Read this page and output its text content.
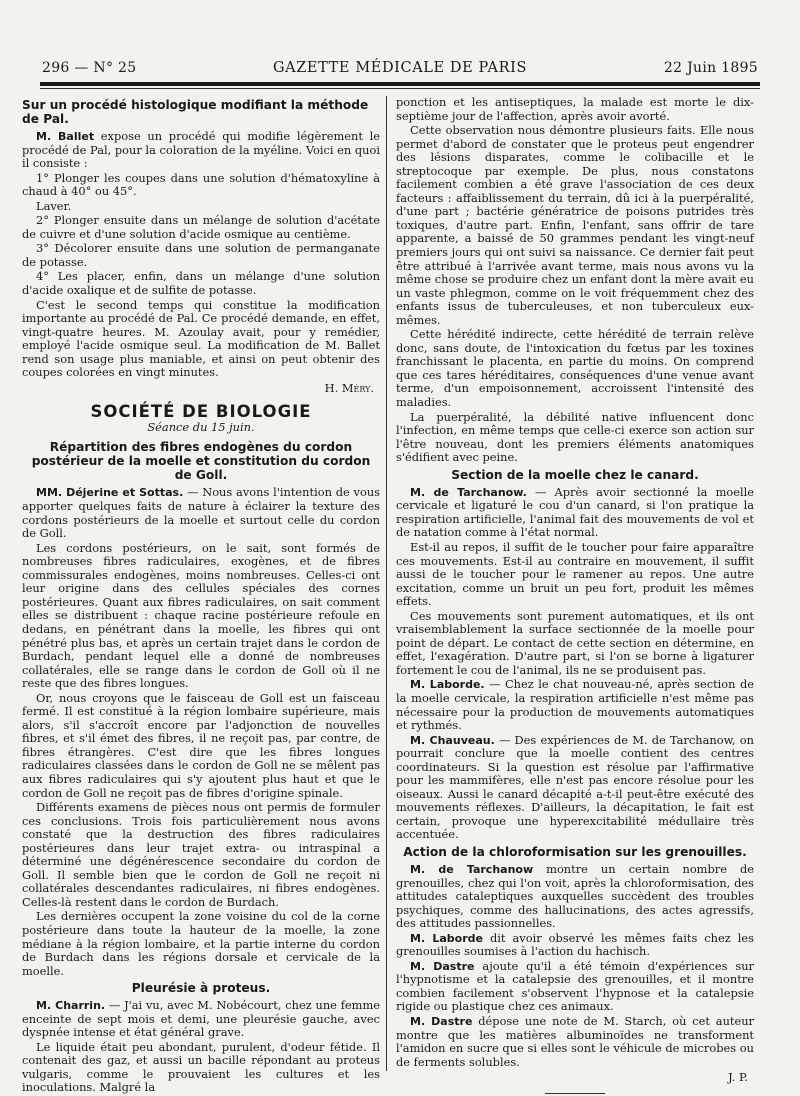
296 — N° 25	GAZETTE MÉDICALE DE PARIS	22 Juin 1895
Sur un procédé histologique modifiant la méthode de Pal.

M. Ballet expose un procédé qui modifie légèrement le procédé de Pal, pour la coloration de la myéline. Voici en quoi il consiste :

1° Plonger les coupes dans une solution d'hématoxyline à chaud à 40° ou 45°.

Laver.

2° Plonger ensuite dans un mélange de solution d'acétate de cuivre et d'une solution d'acide osmique au centième.

3° Décolorer ensuite dans une solution de permanganate de potasse.

4° Les placer, enfin, dans un mélange d'une solution d'acide oxalique et de sulfite de potasse.

C'est le second temps qui constitue la modification importante au procédé de Pal. Ce procédé demande, en effet, vingt-quatre heures. M. Azoulay avait, pour y remédier, employé l'acide osmique seul. La modification de M. Ballet rend son usage plus maniable, et ainsi on peut obtenir des coupes colorées en vingt minutes.

H. Méry.
SOCIÉTÉ DE BIOLOGIE
Séance du 15 juin.
Répartition des fibres endogènes du cordon postérieur de la moelle et constitution du cordon de Goll.

MM. Déjerine et Sottas. — Nous avons l'intention de vous apporter quelques faits de nature à éclairer la texture des cordons postérieurs de la moelle et surtout celle du cordon de Goll.

Les cordons postérieurs, on le sait, sont formés de nombreuses fibres radiculaires, exogènes, et de fibres commissurales endogènes, moins nombreuses. Celles-ci ont leur origine dans des cellules spéciales des cornes postérieures. Quant aux fibres radiculaires, on sait comment elles se distribuent : chaque racine postérieure refoule en dedans, en pénétrant dans la moelle, les fibres qui ont pénétré plus bas, et après un certain trajet dans le cordon de Burdach, pendant lequel elle a donné de nombreuses collatérales, elle se range dans le cordon de Goll où il ne reste que des fibres longues.

Or, nous croyons que le faisceau de Goll est un faisceau fermé. Il est constitué à la région lombaire supérieure, mais alors, s'il s'accroît encore par l'adjonction de nouvelles fibres, et s'il émet des fibres, il ne reçoit pas, par contre, de fibres étrangères. C'est dire que les fibres longues radiculaires classées dans le cordon de Goll ne se mêlent pas aux fibres radiculaires qui s'y ajoutent plus haut et que le cordon de Goll ne reçoit pas de fibres d'origine spinale.

Différents examens de pièces nous ont permis de formuler ces conclusions. Trois fois particulièrement nous avons constaté que la destruction des fibres radiculaires postérieures dans leur trajet extra- ou intraspinal a déterminé une dégénérescence secondaire du cordon de Goll. Il semble bien que le cordon de Goll ne reçoit ni collatérales descendantes radiculaires, ni fibres endogènes. Celles-là restent dans le cordon de Burdach.

Les dernières occupent la zone voisine du col de la corne postérieure dans toute la hauteur de la moelle, la zone médiane à la région lombaire, et la partie interne du cordon de Burdach dans les régions dorsale et cervicale de la moelle.

Pleurésie à proteus.

M. Charrin. — J'ai vu, avec M. Nobécourt, chez une femme enceinte de sept mois et demi, une pleurésie gauche, avec dyspnée intense et état général grave.

Le liquide était peu abondant, purulent, d'odeur fétide. Il contenait des gaz, et aussi un bacille répondant au proteus vulgaris, comme le prouvaient les cultures et les inoculations. Malgré la

ponction et les antiseptiques, la malade est morte le dix-septième jour de l'affection, après avoir avorté.

Cette observation nous démontre plusieurs faits. Elle nous permet d'abord de constater que le proteus peut engendrer des lésions disparates, comme le colibacille et le streptocoque par exemple. De plus, nous constatons facilement combien a été grave l'association de ces deux facteurs : affaiblissement du terrain, dû ici à la puerpéralité, d'une part ; bactérie génératrice de poisons putrides très toxiques, d'autre part. Enfin, l'enfant, sans offrir de tare apparente, a baissé de 50 grammes pendant les vingt-neuf premiers jours qui ont suivi sa naissance. Ce dernier fait peut être attribué à l'arrivée avant terme, mais nous avons vu la même chose se produire chez un enfant dont la mère avait eu un vaste phlegmon, comme on le voit fréquemment chez des enfants issus de tuberculeuses, et non tuberculeux eux-mêmes.

Cette hérédité indirecte, cette hérédité de terrain relève donc, sans doute, de l'intoxication du fœtus par les toxines franchissant le placenta, en partie du moins. On comprend que ces tares héréditaires, conséquences d'une venue avant terme, d'un empoisonnement, accroissent l'intensité des maladies.

La puerpéralité, la débilité native influencent donc l'infection, en même temps que celle-ci exerce son action sur l'être nouveau, dont les premiers éléments anatomiques s'édifient avec peine.

Section de la moelle chez le canard.

M. de Tarchanow. — Après avoir sectionné la moelle cervicale et ligaturé le cou d'un canard, si l'on pratique la respiration artificielle, l'animal fait des mouvements de vol et de natation comme à l'état normal.

Est-il au repos, il suffit de le toucher pour faire apparaître ces mouvements. Est-il au contraire en mouvement, il suffit aussi de le toucher pour le ramener au repos. Une autre excitation, comme un bruit un peu fort, produit les mêmes effets.

Ces mouvements sont purement automatiques, et ils ont vraisemblablement la surface sectionnée de la moelle pour point de départ. Le contact de cette section en détermine, en effet, l'exagération. D'autre part, si l'on se borne à ligaturer fortement le cou de l'animal, ils ne se produisent pas.

M. Laborde. — Chez le chat nouveau-né, après section de la moelle cervicale, la respiration artificielle n'est même pas nécessaire pour la production de mouvements automatiques et rythmés.

M. Chauveau. — Des expériences de M. de Tarchanow, on pourrait conclure que la moelle contient des centres coordinateurs. Si la question est résolue par l'affirmative pour les mammifères, elle n'est pas encore résolue pour les oiseaux. Aussi le canard décapité a-t-il peut-être exécuté des mouvements réflexes. D'ailleurs, la décapitation, le fait est certain, provoque une hyperexcitabilité médullaire très accentuée.

Action de la chloroformisation sur les grenouilles.

M. de Tarchanow montre un certain nombre de grenouilles, chez qui l'on voit, après la chloroformisation, des attitudes cataleptiques auxquelles succèdent des troubles psychiques, comme des hallucinations, des actes agressifs, des attitudes passionnelles.

M. Laborde dit avoir observé les mêmes faits chez les grenouilles soumises à l'action du hachisch.

M. Dastre ajoute qu'il a été témoin d'expériences sur l'hypnotisme et la catalepsie des grenouilles, et il montre combien facilement s'observent l'hypnose et la catalepsie rigide ou plastique chez ces animaux.

M. Dastre dépose une note de M. Starch, où cet auteur montre que les matières albuminoïdes ne transforment l'amidon en sucre que si elles sont le véhicule de microbes ou de ferments solubles.

J. P.
